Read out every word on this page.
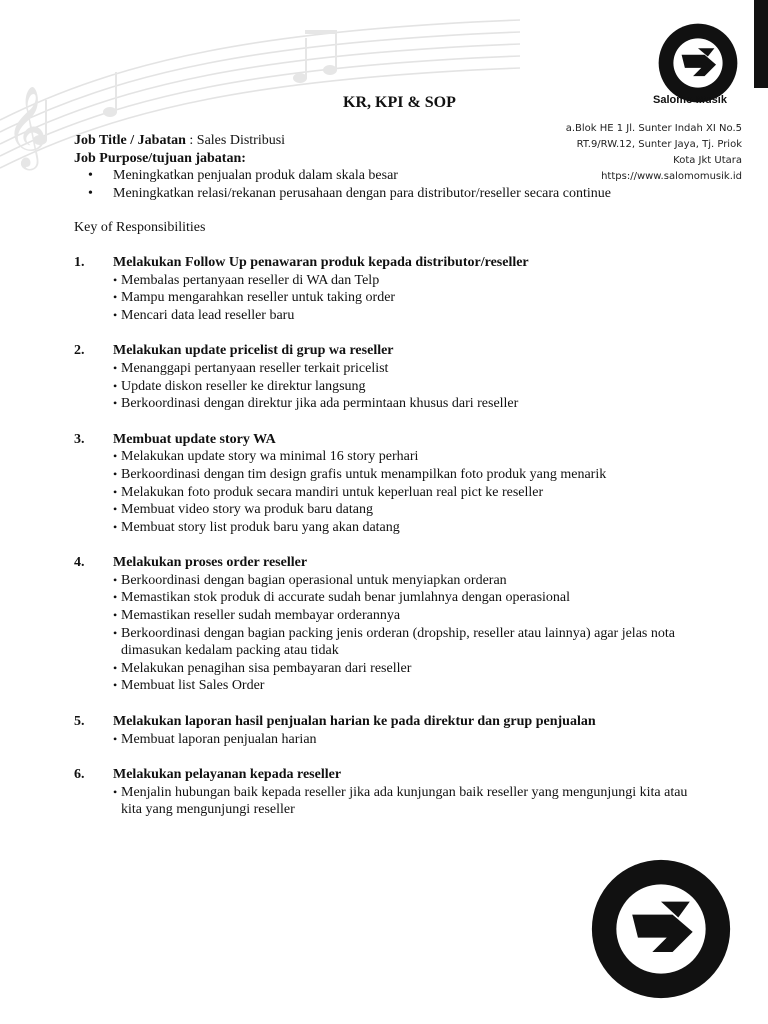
𝄞	Salomo Musik
a.Blok HE 1 Jl. Sunter Indah XI No.5
RT.9/RW.12, Sunter Jaya, Tj. Priok
Kota Jkt Utara
https://www.salomomusik.id
KR, KPI & SOP
Job Title / Jabatan : Sales Distribusi
Job Purpose/tujuan jabatan:
• Meningkatkan penjualan produk dalam skala besar
• Meningkatkan relasi/rekanan perusahaan dengan para distributor/reseller secara continue
Key of Responsibilities
1.	Melakukan Follow Up penawaran produk kepada distributor/reseller
• Membalas pertanyaan reseller di WA dan Telp
• Mampu mengarahkan reseller untuk taking order
• Mencari data lead reseller baru
2.	Melakukan update pricelist di grup wa reseller
• Menanggapi pertanyaan reseller terkait pricelist
• Update diskon reseller ke direktur langsung
• Berkoordinasi dengan direktur jika ada permintaan khusus dari reseller
3.	Membuat update story WA
• Melakukan update story wa minimal 16 story perhari
• Berkoordinasi dengan tim design grafis untuk menampilkan foto produk yang menarik
• Melakukan foto produk secara mandiri untuk keperluan real pict ke reseller
• Membuat video story wa produk baru datang
• Membuat story list produk baru yang akan datang
4.	Melakukan proses order reseller
• Berkoordinasi dengan bagian operasional untuk menyiapkan orderan
• Memastikan stok produk di accurate sudah benar jumlahnya dengan operasional
• Memastikan reseller sudah membayar orderannya
• Berkoordinasi dengan bagian packing jenis orderan (dropship, reseller atau lainnya) agar jelas nota dimasukan kedalam packing atau tidak
• Melakukan penagihan sisa pembayaran dari reseller
• Membuat list Sales Order
5.	Melakukan laporan hasil penjualan harian ke pada direktur dan grup penjualan
• Membuat laporan penjualan harian
6.	Melakukan pelayanan kepada reseller
• Menjalin hubungan baik kepada reseller jika ada kunjungan baik reseller yang mengunjungi kita atau kita yang mengunjungi reseller
